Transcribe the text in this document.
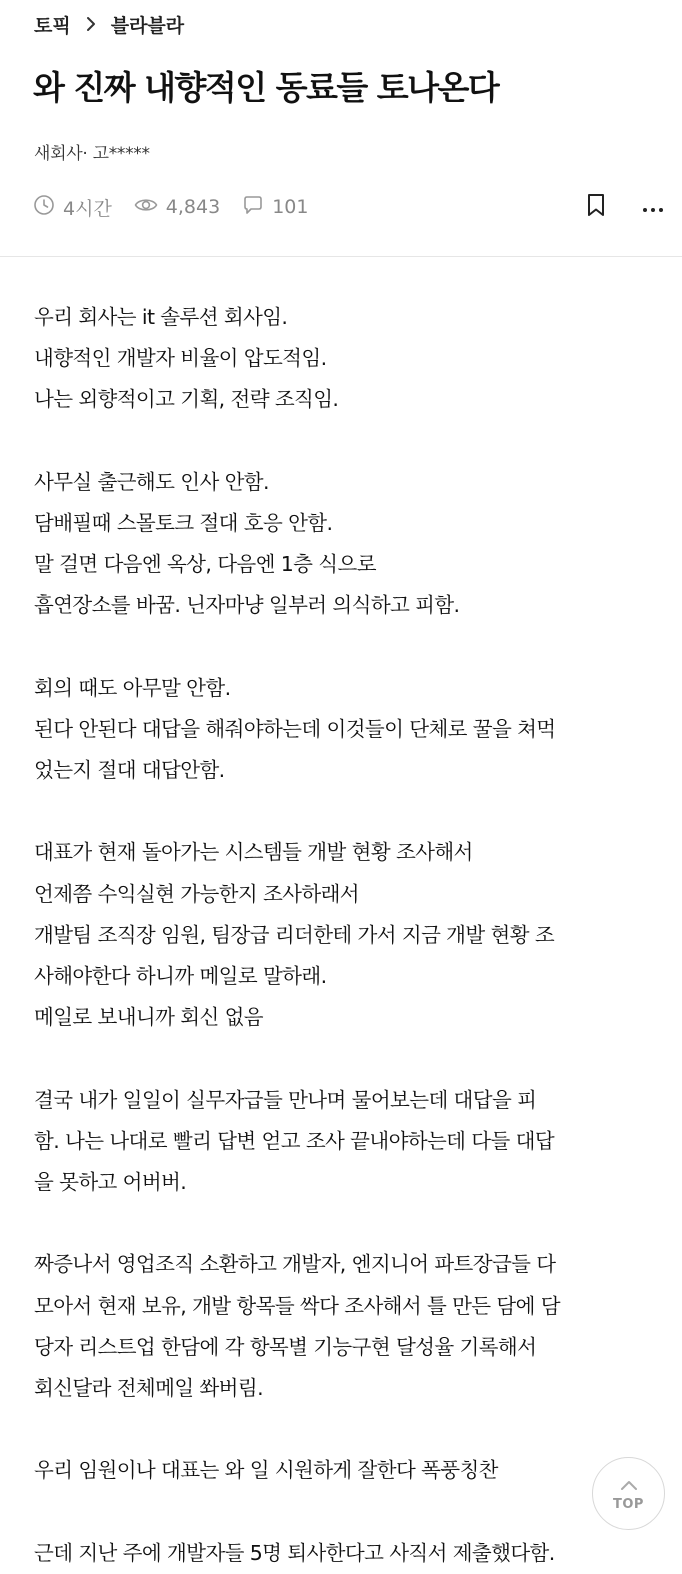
토픽 블라블라
와 진짜 내향적인 동료들 토나온다
새회사· 고*****
4시간	4,843	101
우리 회사는 it 솔루션 회사임.
내향적인 개발자 비율이 압도적임.
나는 외향적이고 기획, 전략 조직임.
사무실 출근해도 인사 안함.
담배필때 스몰토크 절대 호응 안함.
말 걸면 다음엔 옥상, 다음엔 1층 식으로
흡연장소를 바꿈. 닌자마냥 일부러 의식하고 피함.
회의 때도 아무말 안함.
된다 안된다 대답을 해줘야하는데 이것들이 단체로 꿀을 쳐먹
었는지 절대 대답안함.
대표가 현재 돌아가는 시스템들 개발 현황 조사해서
언제쯤 수익실현 가능한지 조사하래서
개발팀 조직장 임원, 팀장급 리더한테 가서 지금 개발 현황 조
사해야한다 하니까 메일로 말하래.
메일로 보내니까 회신 없음
결국 내가 일일이 실무자급들 만나며 물어보는데 대답을 피
함. 나는 나대로 빨리 답변 얻고 조사 끝내야하는데 다들 대답
을 못하고 어버버.
짜증나서 영업조직 소환하고 개발자, 엔지니어 파트장급들 다
모아서 현재 보유, 개발 항목들 싹다 조사해서 틀 만든 담에 담
당자 리스트업 한담에 각 항목별 기능구현 달성율 기록해서
회신달라 전체메일 쏴버림.
우리 임원이나 대표는 와 일 시원하게 잘한다 폭풍칭찬
근데 지난 주에 개발자들 5명 퇴사한다고 사직서 제출했다함.
TOP
